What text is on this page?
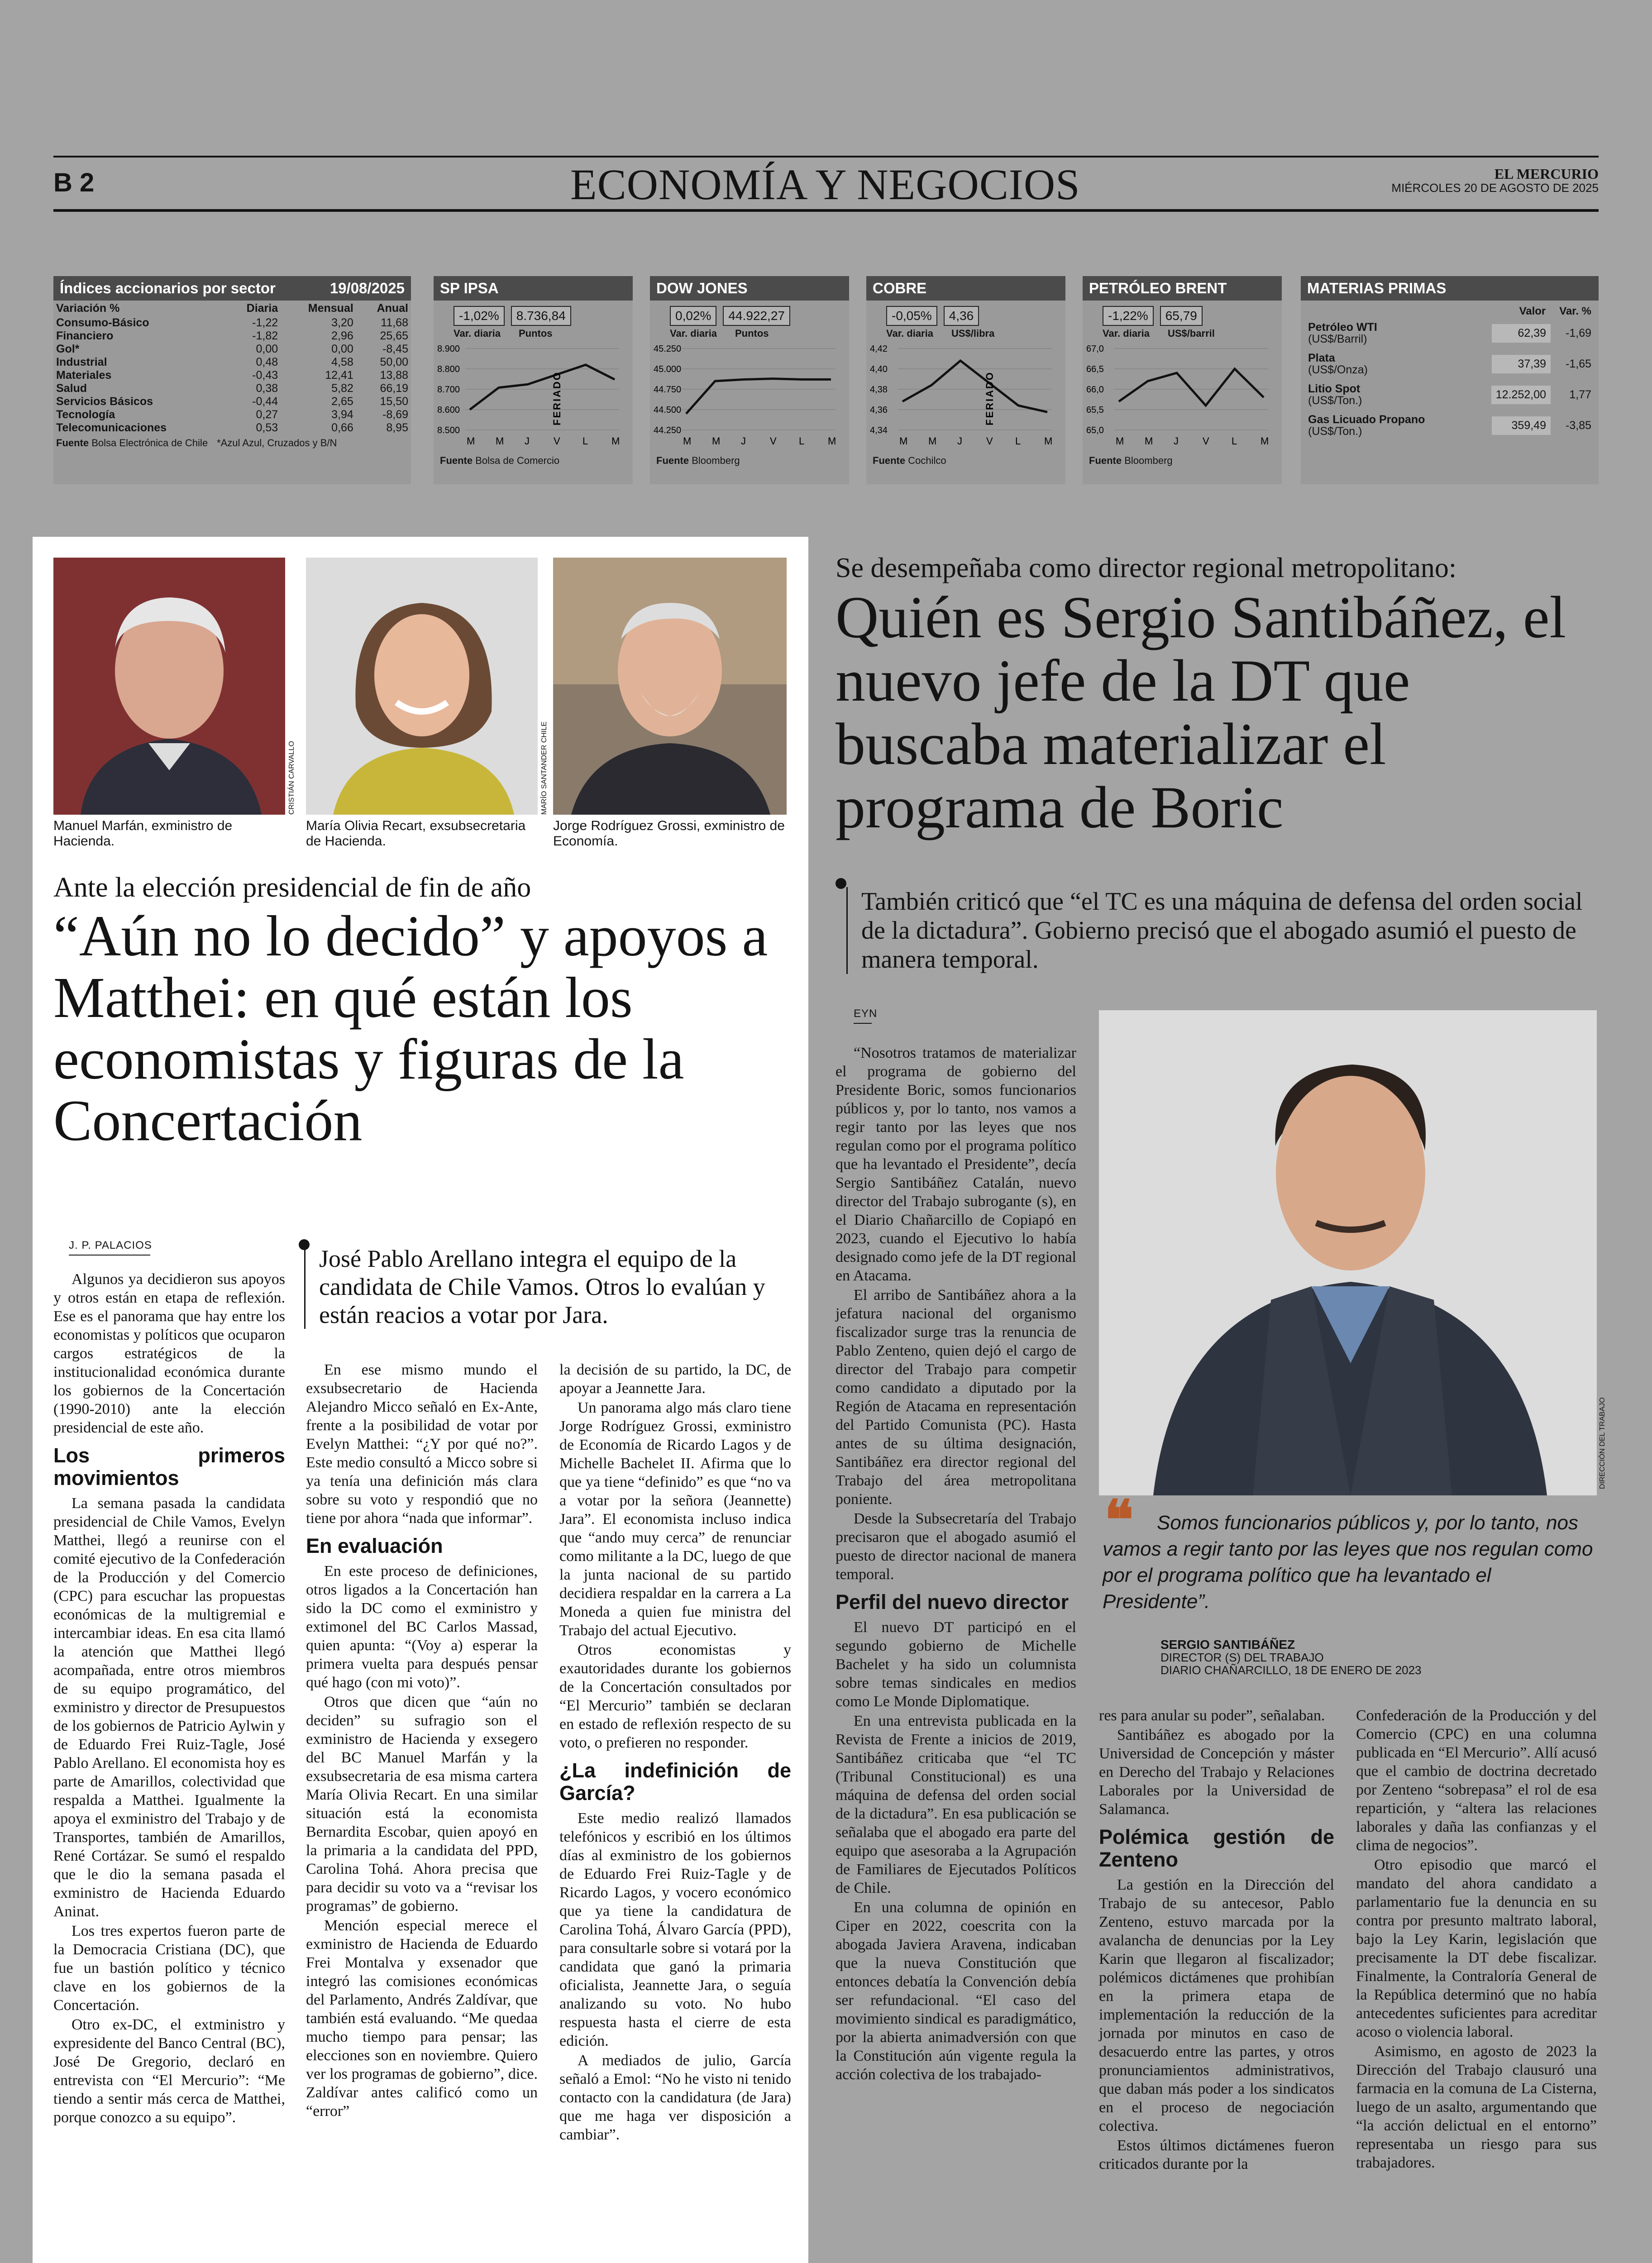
B 2	ECONOMÍA Y NEGOCIOS	EL MERCURIO
MIÉRCOLES 20 DE AGOSTO DE 2025
Índices accionarios por sector	19/08/2025
Variación %	Diaria	Mensual	Anual
Consumo-Básico	-1,22	3,20	11,68
Financiero	-1,82	2,96	25,65
Gol*	0,00	0,00	-8,45
Industrial	0,48	4,58	50,00
Materiales	-0,43	12,41	13,88
Salud	0,38	5,82	66,19
Servicios Básicos	-0,44	2,65	15,50
Tecnología	0,27	3,94	-8,69
Telecomunicaciones	0,53	0,66	8,95
Fuente Bolsa Electrónica de Chile *Azul Azul, Cruzados y B/N
SP IPSA
-1,02%	8.736,84
Var. diaria Puntos
8.900
8.800
8.700
8.600
8.500
M M J V L M
FERIADO
Fuente Bolsa de Comercio
DOW JONES
0,02%	44.922,27
Var. diaria Puntos
45.250
45.000
44.750
44.500
44.250
M M J V L M
Fuente Bloomberg
COBRE
-0,05%	4,36
Var. diaria US$/libra
4,42
4,40
4,38
4,36
4,34
M M J V L M
FERIADO
Fuente Cochilco
PETRÓLEO BRENT
-1,22%	65,79
Var. diaria US$/barril
67,0
66,5
66,0
65,5
65,0
M M J V L M
Fuente Bloomberg
MATERIAS PRIMAS
Valor Var. %
Petróleo WTI
(US$/Barril)	62,39	-1,69
Plata
(US$/Onza)	37,39	-1,65
Litio Spot
(US$/Ton.)	12.252,00	1,77
Gas Licuado Propano
(US$/Ton.)	359,49	-3,85
CRISTIÁN CARVALLO	MARÍO SANTANDER CHILE
Manuel Marfán, exministro de Hacienda.
María Olivia Recart, exsubsecretaria de Hacienda.
Jorge Rodríguez Grossi, exministro de Economía.
Ante la elección presidencial de fin de año
“Aún no lo decido” y apoyos a Matthei: en qué están los economistas y figuras de la Concertación
J. P. PALACIOS	José Pablo Arellano integra el equipo de la candidata de Chile Vamos. Otros lo evalúan y están reacios a votar por Jara.

Algunos ya decidieron sus apoyos y otros están en etapa de reflexión. Ese es el panorama que hay entre los economistas y políticos que ocuparon cargos estratégicos de la institucionalidad económica durante los gobiernos de la Concertación (1990-2010) ante la elección presidencial de este año.

Los primeros movimientos

La semana pasada la candidata presidencial de Chile Vamos, Evelyn Matthei, llegó a reunirse con el comité ejecutivo de la Confederación de la Producción y del Comercio (CPC) para escuchar las propuestas económicas de la multigremial e intercambiar ideas. En esa cita llamó la atención que Matthei llegó acompañada, entre otros miembros de su equipo programático, del exministro y director de Presupuestos de los gobiernos de Patricio Aylwin y de Eduardo Frei Ruiz-Tagle, José Pablo Arellano. El economista hoy es parte de Amarillos, colectividad que respalda a Matthei. Igualmente la apoya el exministro del Trabajo y de Transportes, también de Amarillos, René Cortázar. Se sumó el respaldo que le dio la semana pasada el exministro de Hacienda Eduardo Aninat.

Los tres expertos fueron parte de la Democracia Cristiana (DC), que fue un bastión político y técnico clave en los gobiernos de la Concertación.

Otro ex-DC, el extministro y expresidente del Banco Central (BC), José De Gregorio, declaró en entrevista con “El Mercurio”: “Me tiendo a sentir más cerca de Matthei, porque conozco a su equipo”.

En ese mismo mundo el exsubsecretario de Hacienda Alejandro Micco señaló en Ex-Ante, frente a la posibilidad de votar por Evelyn Matthei: “¿Y por qué no?”. Este medio consultó a Micco sobre si ya tenía una definición más clara sobre su voto y respondió que no tiene por ahora “nada que informar”.

En evaluación

En este proceso de definiciones, otros ligados a la Concertación han sido la DC como el exministro y extimonel del BC Carlos Massad, quien apunta: “(Voy a) esperar la primera vuelta para después pensar qué hago (con mi voto)”.

Otros que dicen que “aún no deciden” su sufragio son el exministro de Hacienda y exsegero del BC Manuel Marfán y la exsubsecretaria de esa misma cartera María Olivia Recart. En una similar situación está la economista Bernardita Escobar, quien apoyó en la primaria a la candidata del PPD, Carolina Tohá. Ahora precisa que para decidir su voto va a “revisar los programas” de gobierno.

Mención especial merece el exministro de Hacienda de Eduardo Frei Montalva y exsenador que integró las comisiones económicas del Parlamento, Andrés Zaldívar, que también está evaluando. “Me quedaa mucho tiempo para pensar; las elecciones son en noviembre. Quiero ver los programas de gobierno”, dice. Zaldívar antes calificó como un “error”

la decisión de su partido, la DC, de apoyar a Jeannette Jara.

Un panorama algo más claro tiene Jorge Rodríguez Grossi, exministro de Economía de Ricardo Lagos y de Michelle Bachelet II. Afirma que lo que ya tiene “definido” es que “no va a votar por la señora (Jeannette) Jara”. El economista incluso indica que “ando muy cerca” de renunciar como militante a la DC, luego de que la junta nacional de su partido decidiera respaldar en la carrera a La Moneda a quien fue ministra del Trabajo del actual Ejecutivo.

Otros economistas y exautoridades durante los gobiernos de la Concertación consultados por “El Mercurio” también se declaran en estado de reflexión respecto de su voto, o prefieren no responder.

¿La indefinición de García?

Este medio realizó llamados telefónicos y escribió en los últimos días al exministro de los gobiernos de Eduardo Frei Ruiz-Tagle y de Ricardo Lagos, y vocero económico que ya tiene la candidatura de Carolina Tohá, Álvaro García (PPD), para consultarle sobre si votará por la candidata que ganó la primaria oficialista, Jeannette Jara, o seguía analizando su voto. No hubo respuesta hasta el cierre de esta edición.

A mediados de julio, García señaló a Emol: “No he visto ni tenido contacto con la candidatura (de Jara) que me haga ver disposición a cambiar”.

Se desempeñaba como director regional metropolitano:
Quién es Sergio Santibáñez, el nuevo jefe de la DT que buscaba materializar el programa de Boric
También criticó que “el TC es una máquina de defensa del orden social de la dictadura”. Gobierno precisó que el abogado asumió el puesto de manera temporal.
EYN
DIRECCIÓN DEL TRABAJO
❝	Somos funcionarios públicos y, por lo tanto, nos vamos a regir tanto por las leyes que nos regulan como por el programa político que ha levantado el Presidente”.
SERGIO SANTIBÁÑEZ
DIRECTOR (S) DEL TRABAJO
DIARIO CHAÑARCILLO, 18 DE ENERO DE 2023

“Nosotros tratamos de materializar el programa de gobierno del Presidente Boric, somos funcionarios públicos y, por lo tanto, nos vamos a regir tanto por las leyes que nos regulan como por el programa político que ha levantado el Presidente”, decía Sergio Santibáñez Catalán, nuevo director del Trabajo subrogante (s), en el Diario Chañarcillo de Copiapó en 2023, cuando el Ejecutivo lo había designado como jefe de la DT regional en Atacama.

El arribo de Santibáñez ahora a la jefatura nacional del organismo fiscalizador surge tras la renuncia de Pablo Zenteno, quien dejó el cargo de director del Trabajo para competir como candidato a diputado por la Región de Atacama en representación del Partido Comunista (PC). Hasta antes de su última designación, Santibáñez era director regional del Trabajo del área metropolitana poniente.

Desde la Subsecretaría del Trabajo precisaron que el abogado asumió el puesto de director nacional de manera temporal.

Perfil del nuevo director

El nuevo DT participó en el segundo gobierno de Michelle Bachelet y ha sido un columnista sobre temas sindicales en medios como Le Monde Diplomatique.

En una entrevista publicada en la Revista de Frente a inicios de 2019, Santibáñez criticaba que “el TC (Tribunal Constitucional) es una máquina de defensa del orden social de la dictadura”. En esa publicación se señalaba que el abogado era parte del equipo que asesoraba a la Agrupación de Familiares de Ejecutados Políticos de Chile.

En una columna de opinión en Ciper en 2022, coescrita con la abogada Javiera Aravena, indicaban que la nueva Constitución que entonces debatía la Convención debía ser refundacional. “El caso del movimiento sindical es paradigmático, por la abierta animadversión con que la Constitución aún vigente regula la acción colectiva de los trabajado-

res para anular su poder”, señalaban.

Santibáñez es abogado por la Universidad de Concepción y máster en Derecho del Trabajo y Relaciones Laborales por la Universidad de Salamanca.

Polémica gestión de Zenteno

La gestión en la Dirección del Trabajo de su antecesor, Pablo Zenteno, estuvo marcada por la avalancha de denuncias por la Ley Karin que llegaron al fiscalizador; polémicos dictámenes que prohibían en la primera etapa de implementación la reducción de la jornada por minutos en caso de desacuerdo entre las partes, y otros pronunciamientos administrativos, que daban más poder a los sindicatos en el proceso de negociación colectiva.

Estos últimos dictámenes fueron criticados durante por la

Confederación de la Producción y del Comercio (CPC) en una columna publicada en “El Mercurio”. Allí acusó que el cambio de doctrina decretado por Zenteno “sobrepasa” el rol de esa repartición, y “altera las relaciones laborales y daña las confianzas y el clima de negocios”.

Otro episodio que marcó el mandato del ahora candidato a parlamentario fue la denuncia en su contra por presunto maltrato laboral, bajo la Ley Karin, legislación que precisamente la DT debe fiscalizar. Finalmente, la Contraloría General de la República determinó que no había antecedentes suficientes para acreditar acoso o violencia laboral.

Asimismo, en agosto de 2023 la Dirección del Trabajo clausuró una farmacia en la comuna de La Cisterna, luego de un asalto, argumentando que “la acción delictual en el entorno” representaba un riesgo para sus trabajadores.
